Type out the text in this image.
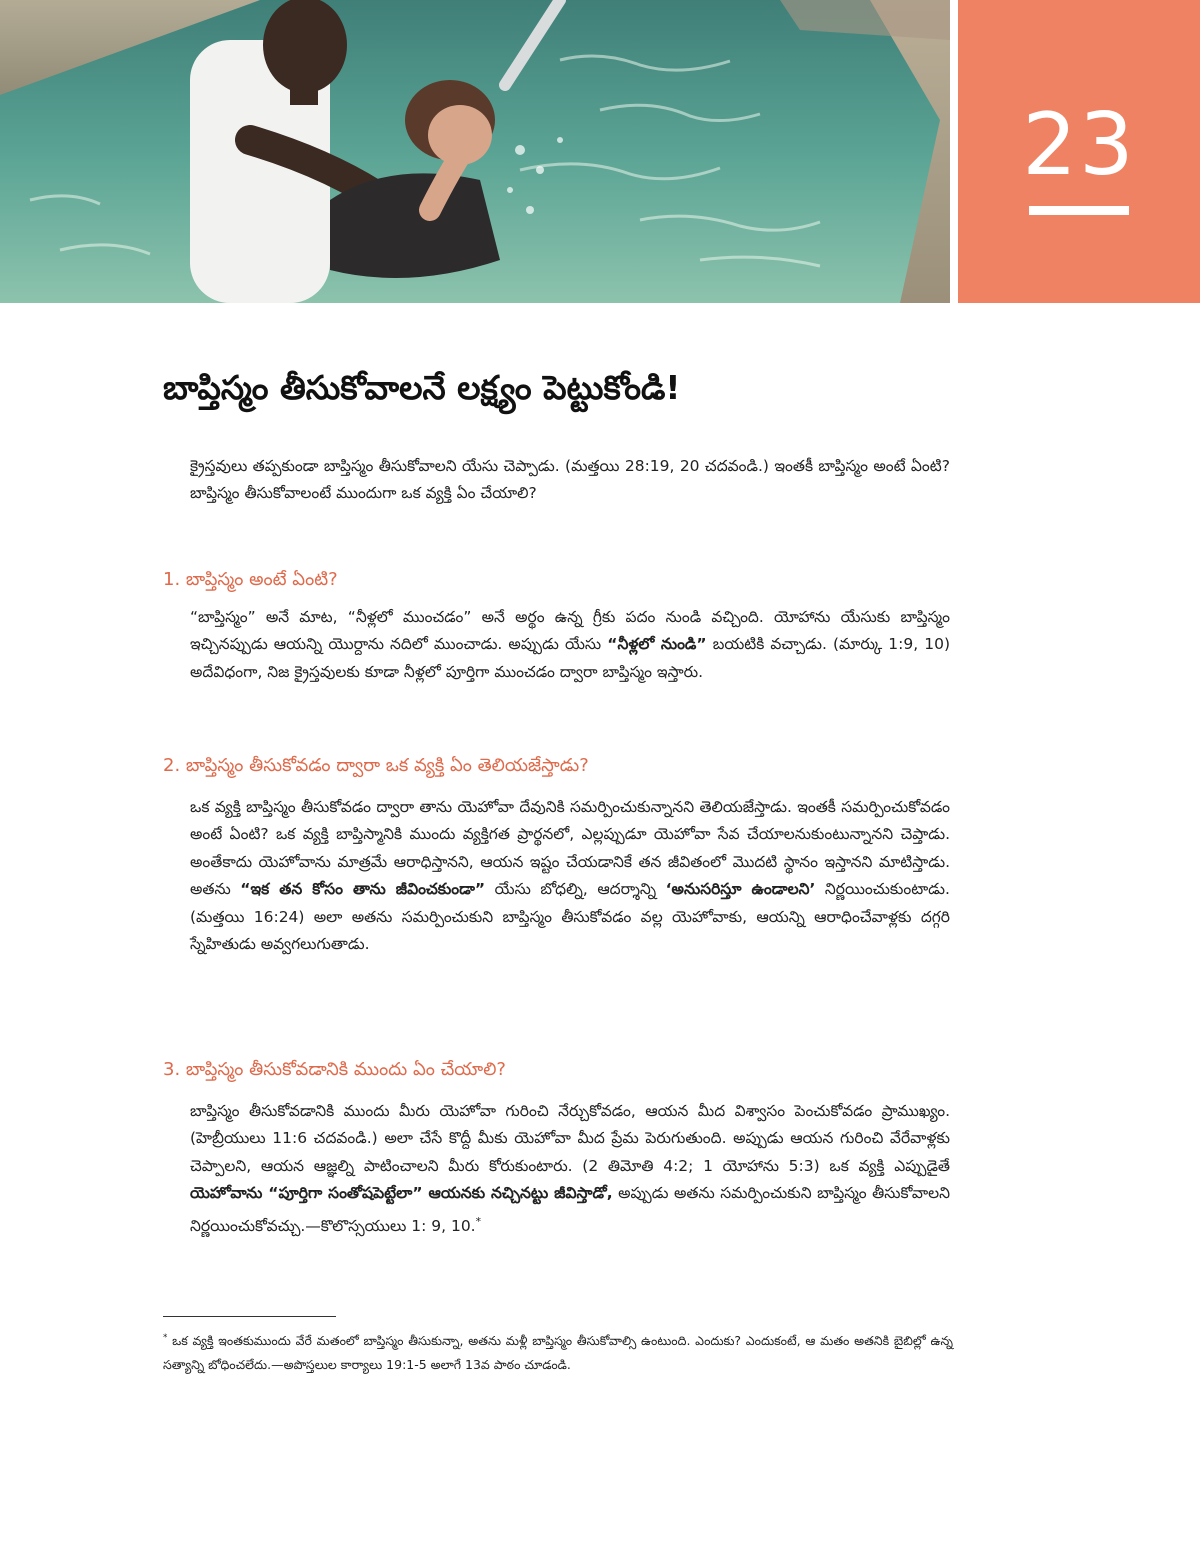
23
బాప్తిస్మం తీసుకోవాలనే లక్ష్యం పెట్టుకోండి!

క్రైస్తవులు తప్పకుండా బాప్తిస్మం తీసుకోవాలని యేసు చెప్పాడు. (మత్తయి 28:19, 20 చదవండి.) ఇంతకీ బాప్తిస్మం అంటే ఏంటి? బాప్తిస్మం తీసుకోవాలంటే ముందుగా ఒక వ్యక్తి ఏం చేయాలి?

1. బాప్తిస్మం అంటే ఏంటి?

“బాప్తిస్మం” అనే మాట, “నీళ్లలో ముంచడం” అనే అర్థం ఉన్న గ్రీకు పదం నుండి వచ్చింది. యోహాను యేసుకు బాప్తిస్మం ఇచ్చినప్పుడు ఆయన్ని యొర్దాను నదిలో ముంచాడు. అప్పుడు యేసు “నీళ్లలో నుండి” బయటికి వచ్చాడు. (మార్కు 1:9, 10) అదేవిధంగా, నిజ క్రైస్తవులకు కూడా నీళ్లలో పూర్తిగా ముంచడం ద్వారా బాప్తిస్మం ఇస్తారు.

2. బాప్తిస్మం తీసుకోవడం ద్వారా ఒక వ్యక్తి ఏం తెలియజేస్తాడు?

ఒక వ్యక్తి బాప్తిస్మం తీసుకోవడం ద్వారా తాను యెహోవా దేవునికి సమర్పించుకున్నానని తెలియజేస్తాడు. ఇంతకీ సమర్పించుకోవడం అంటే ఏంటి? ఒక వ్యక్తి బాప్తిస్మానికి ముందు వ్యక్తిగత ప్రార్థనలో, ఎల్లప్పుడూ యెహోవా సేవ చేయాలనుకుంటున్నానని చెప్తాడు. అంతేకాదు యెహోవాను మాత్రమే ఆరాధిస్తానని, ఆయన ఇష్టం చేయడానికే తన జీవితంలో మొదటి స్థానం ఇస్తానని మాటిస్తాడు. అతను “ఇక తన కోసం తాను జీవించకుండా” యేసు బోధల్ని, ఆదర్శాన్ని ‘అనుసరిస్తూ ఉండాలని’ నిర్ణయించుకుంటాడు. (మత్తయి 16:24) అలా అతను సమర్పించుకుని బాప్తిస్మం తీసుకోవడం వల్ల యెహోవాకు, ఆయన్ని ఆరాధించేవాళ్లకు దగ్గరి స్నేహితుడు అవ్వగలుగుతాడు.

3. బాప్తిస్మం తీసుకోవడానికి ముందు ఏం చేయాలి?

బాప్తిస్మం తీసుకోవడానికి ముందు మీరు యెహోవా గురించి నేర్చుకోవడం, ఆయన మీద విశ్వాసం పెంచుకోవడం ప్రాముఖ్యం. (హెబ్రీయులు 11:6 చదవండి.) అలా చేసే కొద్దీ మీకు యెహోవా మీద ప్రేమ పెరుగుతుంది. అప్పుడు ఆయన గురించి వేరేవాళ్లకు చెప్పాలని, ఆయన ఆజ్ఞల్ని పాటించాలని మీరు కోరుకుంటారు. (2 తిమోతి 4:2; 1 యోహాను 5:3) ఒక వ్యక్తి ఎప్పుడైతే యెహోవాను “పూర్తిగా సంతోషపెట్టేలా” ఆయనకు నచ్చినట్టు జీవిస్తాడో, అప్పుడు అతను సమర్పించుకుని బాప్తిస్మం తీసుకోవాలని నిర్ణయించుకోవచ్చు.—కొలొస్సయులు 1: 9, 10.*

* ఒక వ్యక్తి ఇంతకుముందు వేరే మతంలో బాప్తిస్మం తీసుకున్నా, అతను మళ్లీ బాప్తిస్మం తీసుకోవాల్సి ఉంటుంది. ఎందుకు? ఎందుకంటే, ఆ మతం అతనికి బైబిల్లో ఉన్న సత్యాన్ని బోధించలేదు.—అపొస్తలుల కార్యాలు 19:1-5 అలాగే 13వ పాఠం చూడండి.
